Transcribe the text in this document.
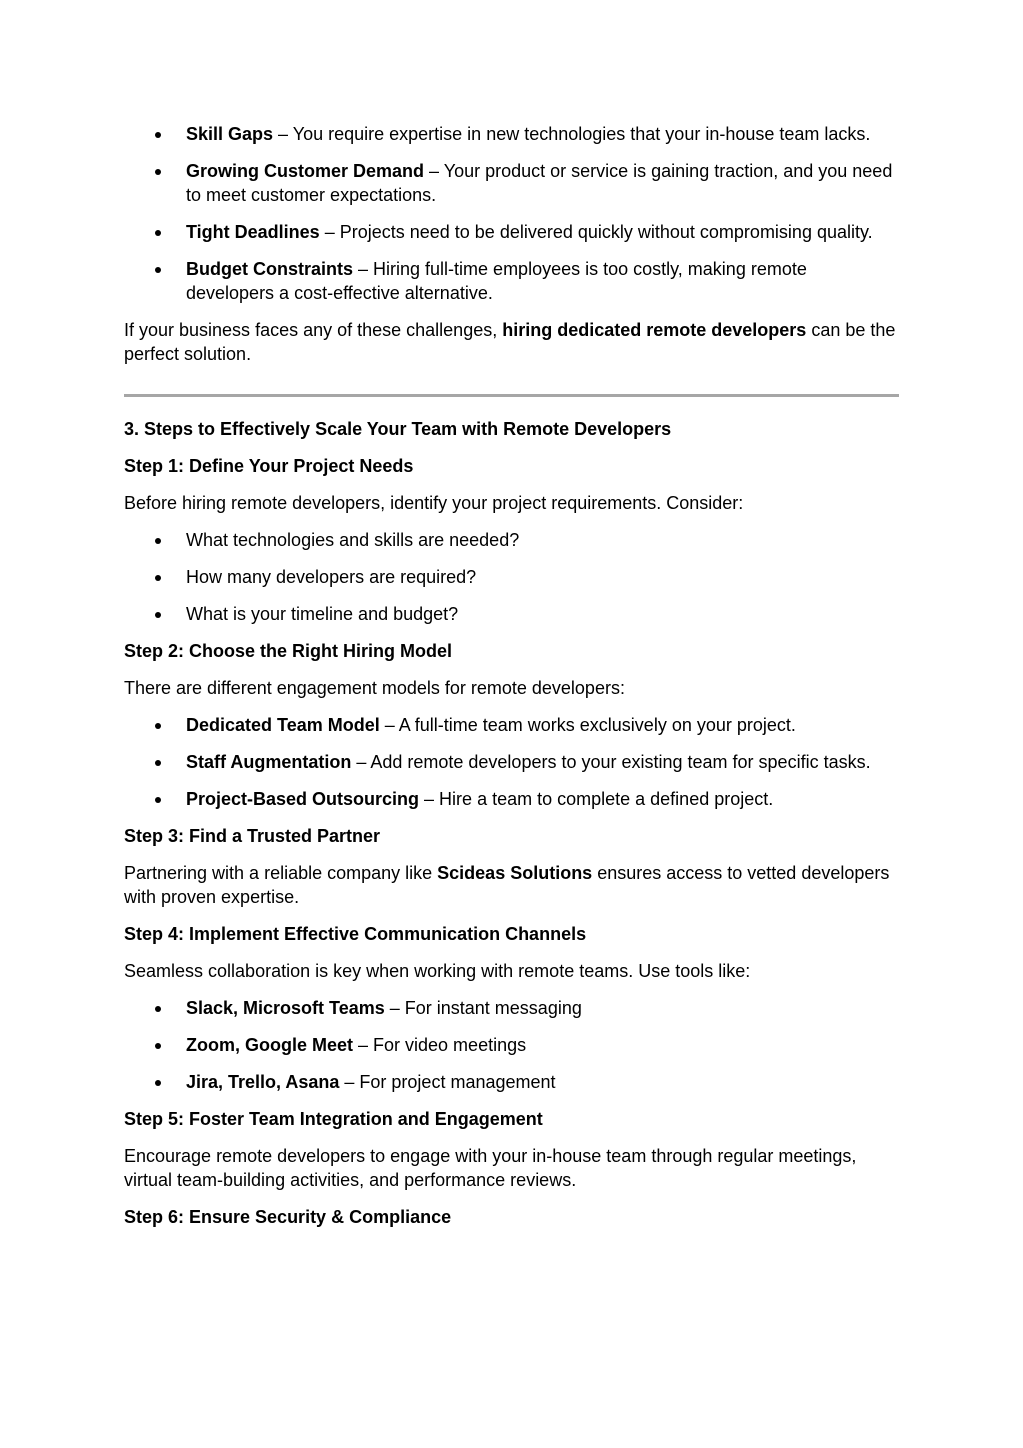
Skill Gaps – You require expertise in new technologies that your in-house team lacks.
Growing Customer Demand – Your product or service is gaining traction, and you need to meet customer expectations.
Tight Deadlines – Projects need to be delivered quickly without compromising quality.
Budget Constraints – Hiring full-time employees is too costly, making remote developers a cost-effective alternative.

If your business faces any of these challenges, hiring dedicated remote developers can be the perfect solution.

3. Steps to Effectively Scale Your Team with Remote Developers

Step 1: Define Your Project Needs

Before hiring remote developers, identify your project requirements. Consider:

What technologies and skills are needed?
How many developers are required?
What is your timeline and budget?

Step 2: Choose the Right Hiring Model

There are different engagement models for remote developers:

Dedicated Team Model – A full-time team works exclusively on your project.
Staff Augmentation – Add remote developers to your existing team for specific tasks.
Project-Based Outsourcing – Hire a team to complete a defined project.

Step 3: Find a Trusted Partner

Partnering with a reliable company like Scideas Solutions ensures access to vetted developers with proven expertise.

Step 4: Implement Effective Communication Channels

Seamless collaboration is key when working with remote teams. Use tools like:

Slack, Microsoft Teams – For instant messaging
Zoom, Google Meet – For video meetings
Jira, Trello, Asana – For project management

Step 5: Foster Team Integration and Engagement

Encourage remote developers to engage with your in-house team through regular meetings, virtual team-building activities, and performance reviews.

Step 6: Ensure Security & Compliance
